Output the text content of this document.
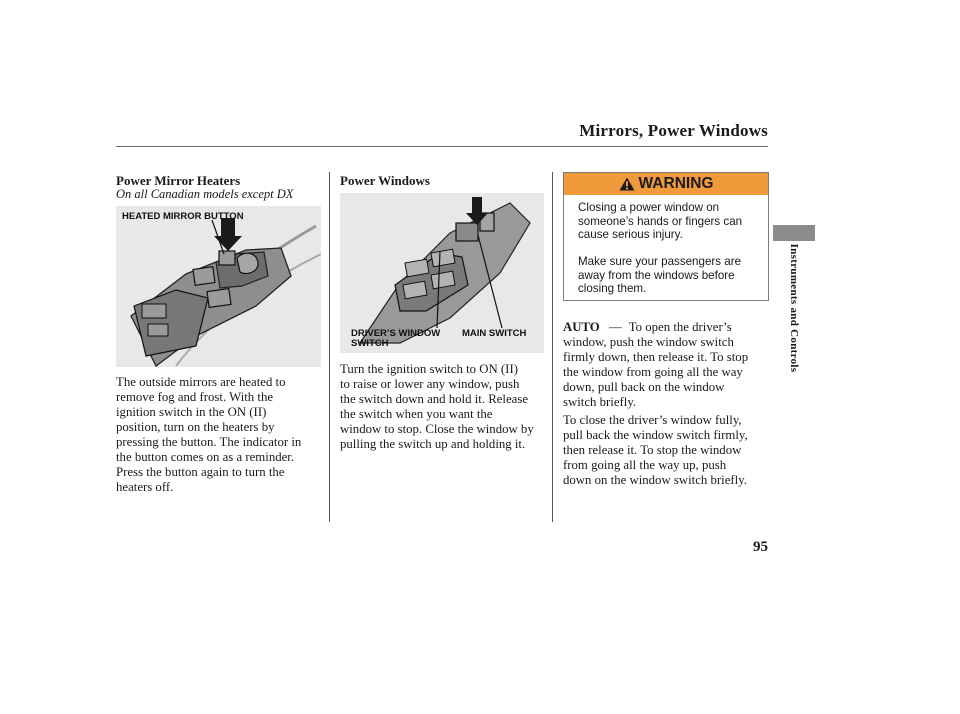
Mirrors, Power Windows
Power Mirror Heaters
On all Canadian models except DX
HEATED MIRROR BUTTON
The outside mirrors are heated to
remove fog and frost. With the
ignition switch in the ON (II)
position, turn on the heaters by
pressing the button. The indicator in
the button comes on as a reminder.
Press the button again to turn the
heaters off.
Power Windows
DRIVER’S WINDOW
SWITCH
MAIN SWITCH
Turn the ignition switch to ON (II)
to raise or lower any window, push
the switch down and hold it. Release
the switch when you want the
window to stop. Close the window by
pulling the switch up and holding it.
WARNING
Closing a power window on
someone’s hands or fingers can
cause serious injury.
Make sure your passengers are
away from the windows before
closing them.
AUTO — To open the driver’s
window, push the window switch
firmly down, then release it. To stop
the window from going all the way
down, pull back on the window
switch briefly.
To close the driver’s window fully,
pull back the window switch firmly,
then release it. To stop the window
from going all the way up, push
down on the window switch briefly.
Instruments and Controls
95
